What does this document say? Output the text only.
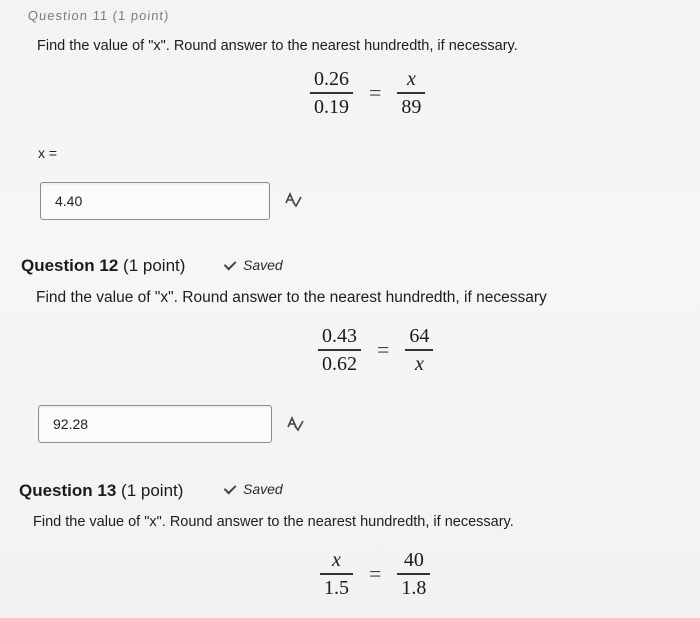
Question 11 (1 point)
Find the value of "x". Round answer to the nearest hundredth, if necessary.
$\frac{0.26}{0.19} = \frac{x}{89}$
x =
4.40
Question 12 (1 point)	Saved
Find the value of "x". Round answer to the nearest hundredth, if necessary
$\frac{0.43}{0.62} = \frac{64}{x}$
92.28
Question 13 (1 point)	Saved
Find the value of "x". Round answer to the nearest hundredth, if necessary.
$\frac{x}{1.5} = \frac{40}{1.8}$
